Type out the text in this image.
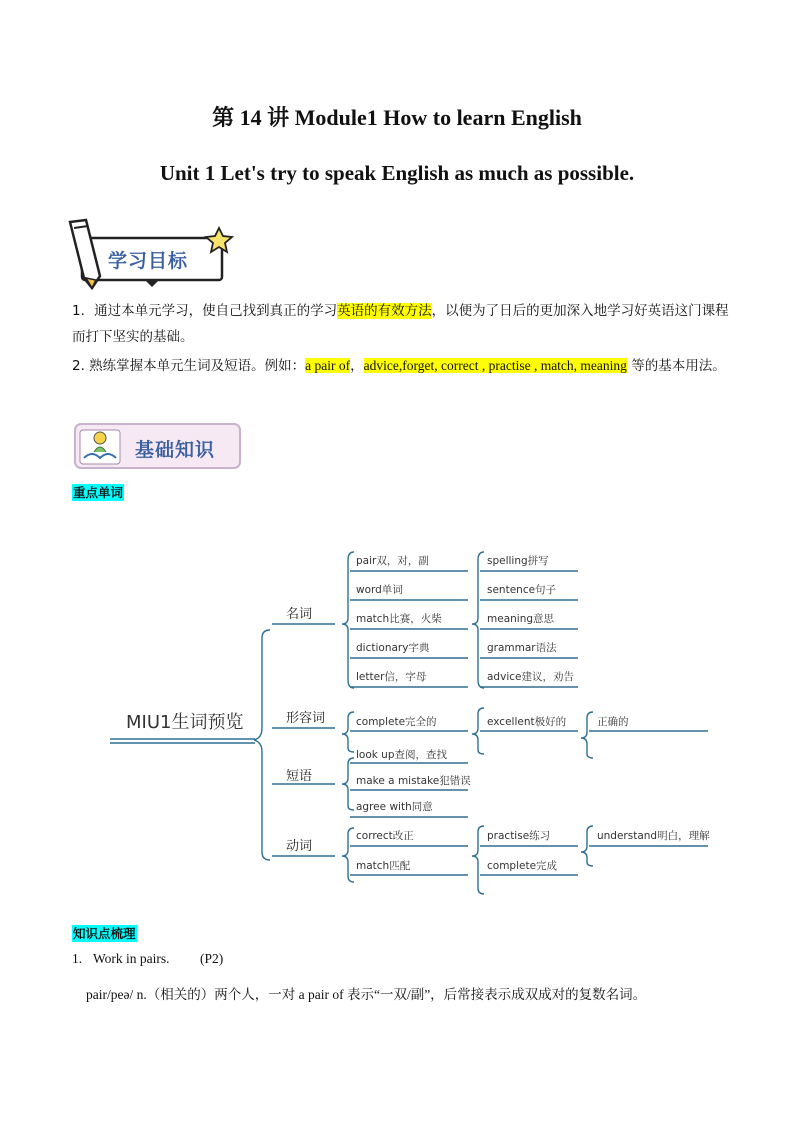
第 14 讲 Module1 How to learn English
Unit 1 Let's try to speak English as much as possible.
学习目标
基础知识
1．通过本单元学习，使自己找到真正的学习英语的有效方法，以便为了日后的更加深入地学习好英语这门课程而打下坚实的基础。
2. 熟练掌握本单元生词及短语。例如：a pair of，advice,forget, correct , practise , match, meaning 等的基本用法。
重点单词
MIU1生词预览
名词
形容词
短语
动词
pair双，对，副
word单词
match比赛，火柴
dictionary字典
letter信，字母
spelling拼写
sentence句子
meaning意思
grammar语法
advice建议，劝告
complete完全的	excellent极好的	正确的
look up查阅，查找
make a mistake犯错误
agree with同意
correct改正
match匹配
practise练习
complete完成
understand明白，理解
知识点梳理
1. Work in pairs. (P2)
pair/peə/ n.（相关的）两个人，一对 a pair of 表示“一双/副”，后常接表示成双成对的复数名词。
